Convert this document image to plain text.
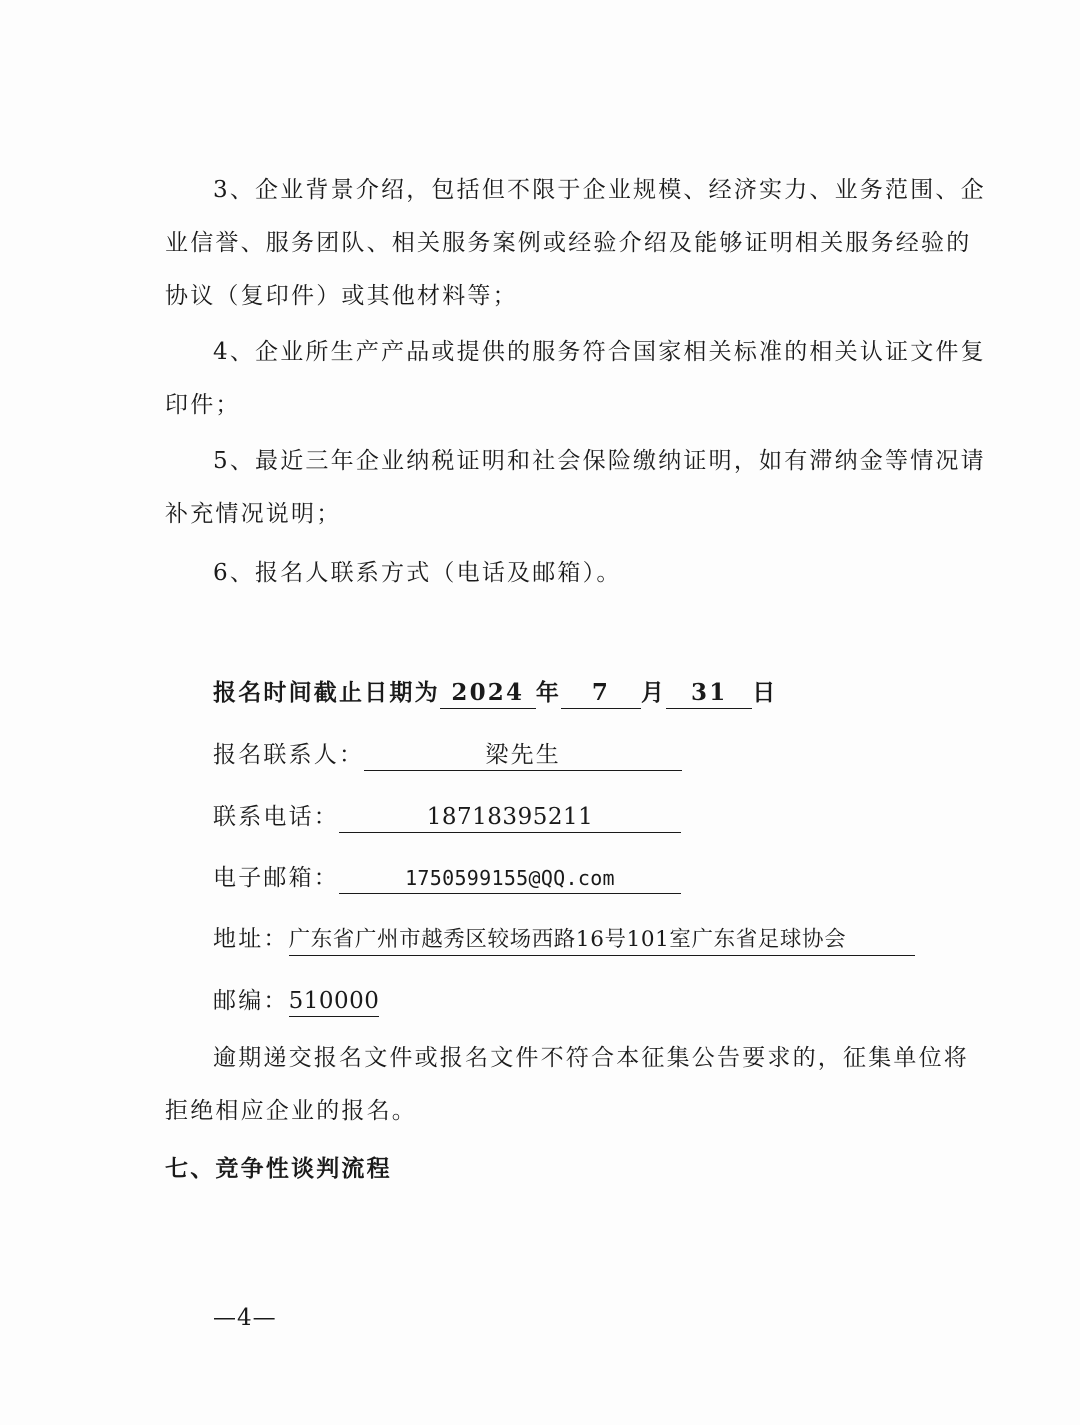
3、企业背景介绍，包括但不限于企业规模、经济实力、业务范围、企
业信誉、服务团队、相关服务案例或经验介绍及能够证明相关服务经验的
协议（复印件）或其他材料等；
4、企业所生产产品或提供的服务符合国家相关标准的相关认证文件复
印件；
5、最近三年企业纳税证明和社会保险缴纳证明，如有滞纳金等情况请
补充情况说明；
6、报名人联系方式（电话及邮箱）。
报名时间截止日期为 2024 年 7 月 31 日
报名联系人：	梁先生
联系电话：	18718395211
电子邮箱：	1750599155@QQ.com
地址：广东省广州市越秀区较场西路16号101室广东省足球协会
邮编：510000
逾期递交报名文件或报名文件不符合本征集公告要求的，征集单位将
拒绝相应企业的报名。
七、竞争性谈判流程
—4—
